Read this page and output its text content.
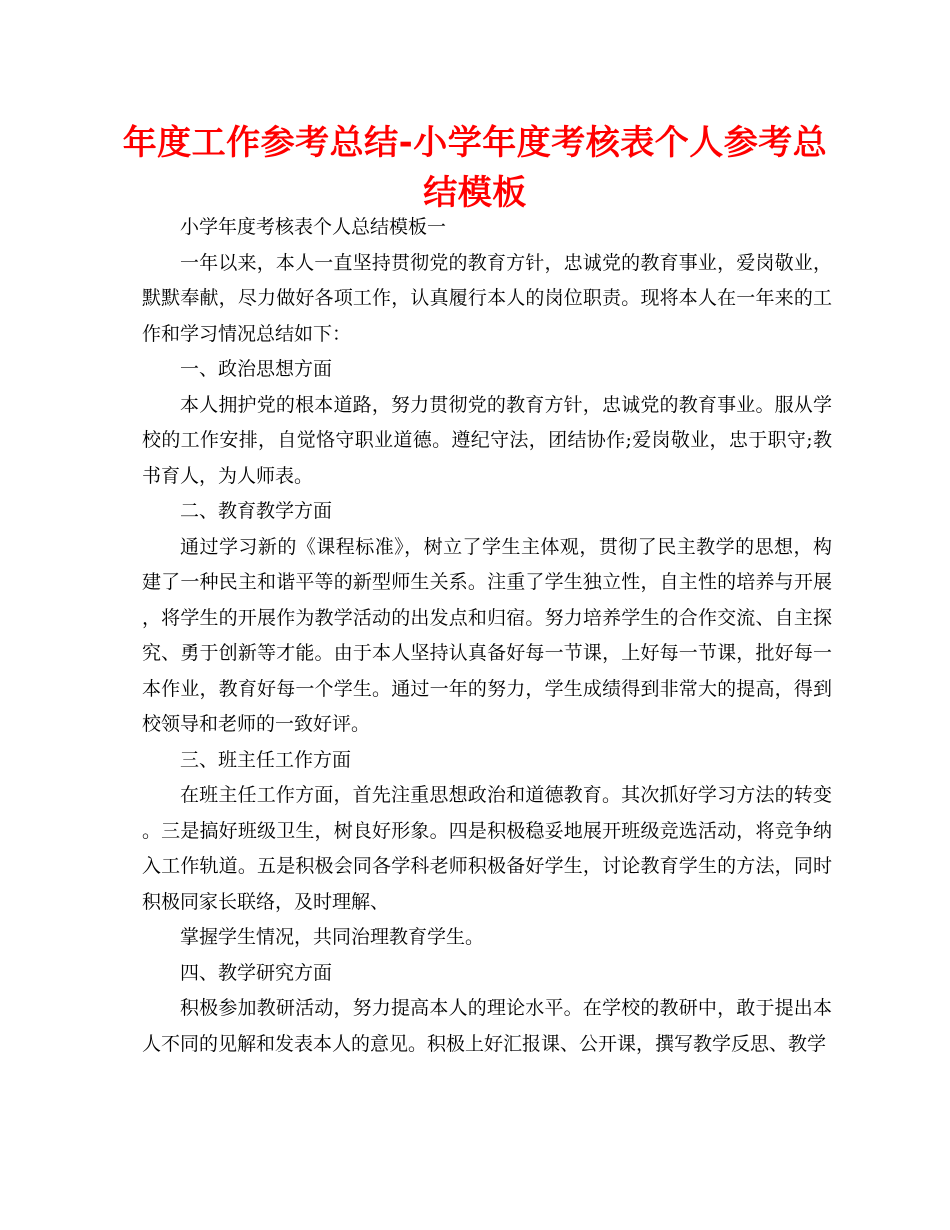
年度工作参考总结-小学年度考核表个人参考总结模板

小学年度考核表个人总结模板一

一年以来，本人一直坚持贯彻党的教育方针，忠诚党的教育事业，爱岗敬业，默默奉献，尽力做好各项工作，认真履行本人的岗位职责。现将本人在一年来的工作和学习情况总结如下：

一、政治思想方面

本人拥护党的根本道路，努力贯彻党的教育方针，忠诚党的教育事业。服从学校的工作安排，自觉恪守职业道德。遵纪守法，团结协作;爱岗敬业，忠于职守;教书育人，为人师表。

二、教育教学方面

通过学习新的《课程标准》，树立了学生主体观，贯彻了民主教学的思想，构建了一种民主和谐平等的新型师生关系。注重了学生独立性，自主性的培养与开展，将学生的开展作为教学活动的出发点和归宿。努力培养学生的合作交流、自主探究、勇于创新等才能。由于本人坚持认真备好每一节课，上好每一节课，批好每一本作业，教育好每一个学生。通过一年的努力，学生成绩得到非常大的提高，得到校领导和老师的一致好评。

三、班主任工作方面

在班主任工作方面，首先注重思想政治和道德教育。其次抓好学习方法的转变。三是搞好班级卫生，树良好形象。四是积极稳妥地展开班级竞选活动，将竞争纳入工作轨道。五是积极会同各学科老师积极备好学生，讨论教育学生的方法，同时积极同家长联络，及时理解、

掌握学生情况，共同治理教育学生。

四、教学研究方面

积极参加教研活动，努力提高本人的理论水平。在学校的教研中，敢于提出本人不同的见解和发表本人的意见。积极上好汇报课、公开课，撰写教学反思、教学
